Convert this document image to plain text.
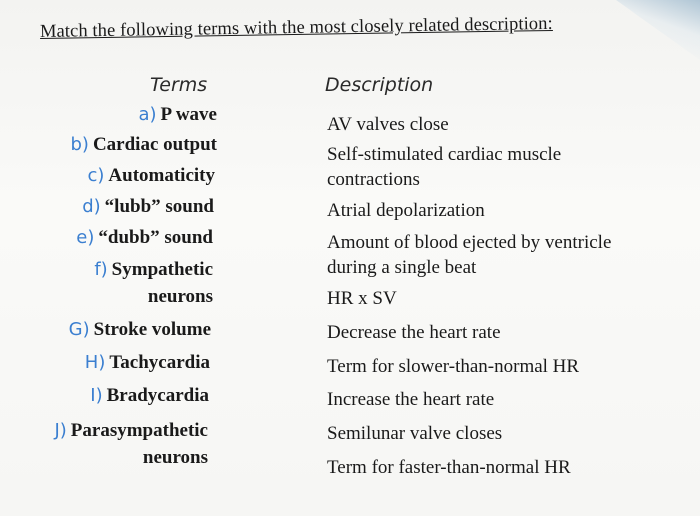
Match the following terms with the most closely related description:
Terms	Description
a) P wave
b) Cardiac output
c) Automaticity
d) “lubb” sound
e) “dubb” sound
f) Sympathetic
neurons
G) Stroke volume
H) Tachycardia
I) Bradycardia
J) Parasympathetic
neurons
AV valves close
Self-stimulated cardiac muscle
contractions
Atrial depolarization
Amount of blood ejected by ventricle
during a single beat
HR x SV
Decrease the heart rate
Term for slower-than-normal HR
Increase the heart rate
Semilunar valve closes
Term for faster-than-normal HR
